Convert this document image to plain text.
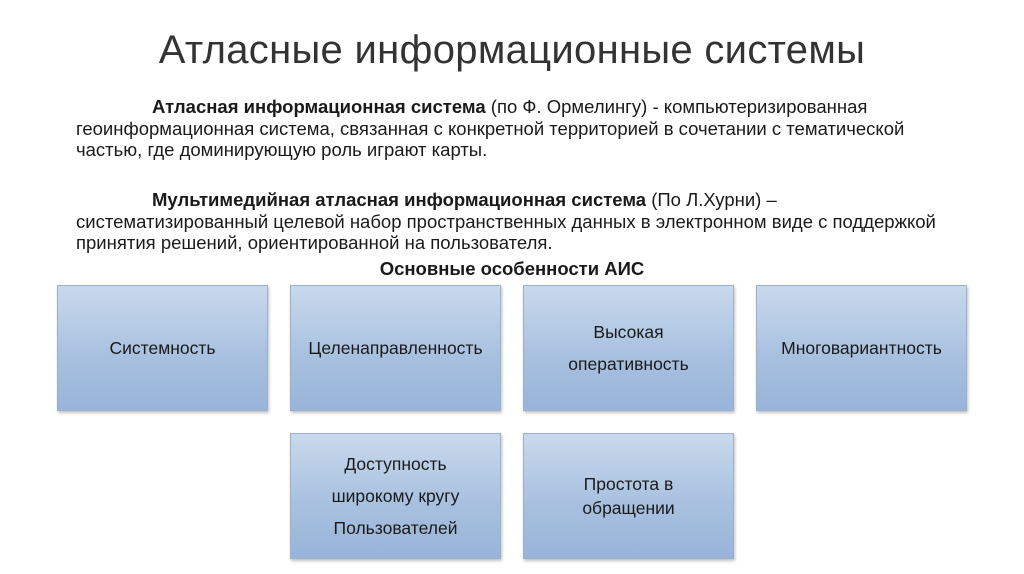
Атласные информационные системы
Атласная информационная система (по Ф. Ормелингу) - компьютеризированная геоинформационная система, связанная с конкретной территорией в сочетании с тематической частью, где доминирующую роль играют карты.
Мультимедийная атласная информационная система (По Л.Хурни) – систематизированный целевой набор пространственных данных в электронном виде с поддержкой принятия решений, ориентированной на пользователя.
Основные особенности АИС
Системность	Целенаправленность
Высокая
оперативность
Многовариантность
Доступность
широкому кругу
Пользователей
Простота в
обращении
